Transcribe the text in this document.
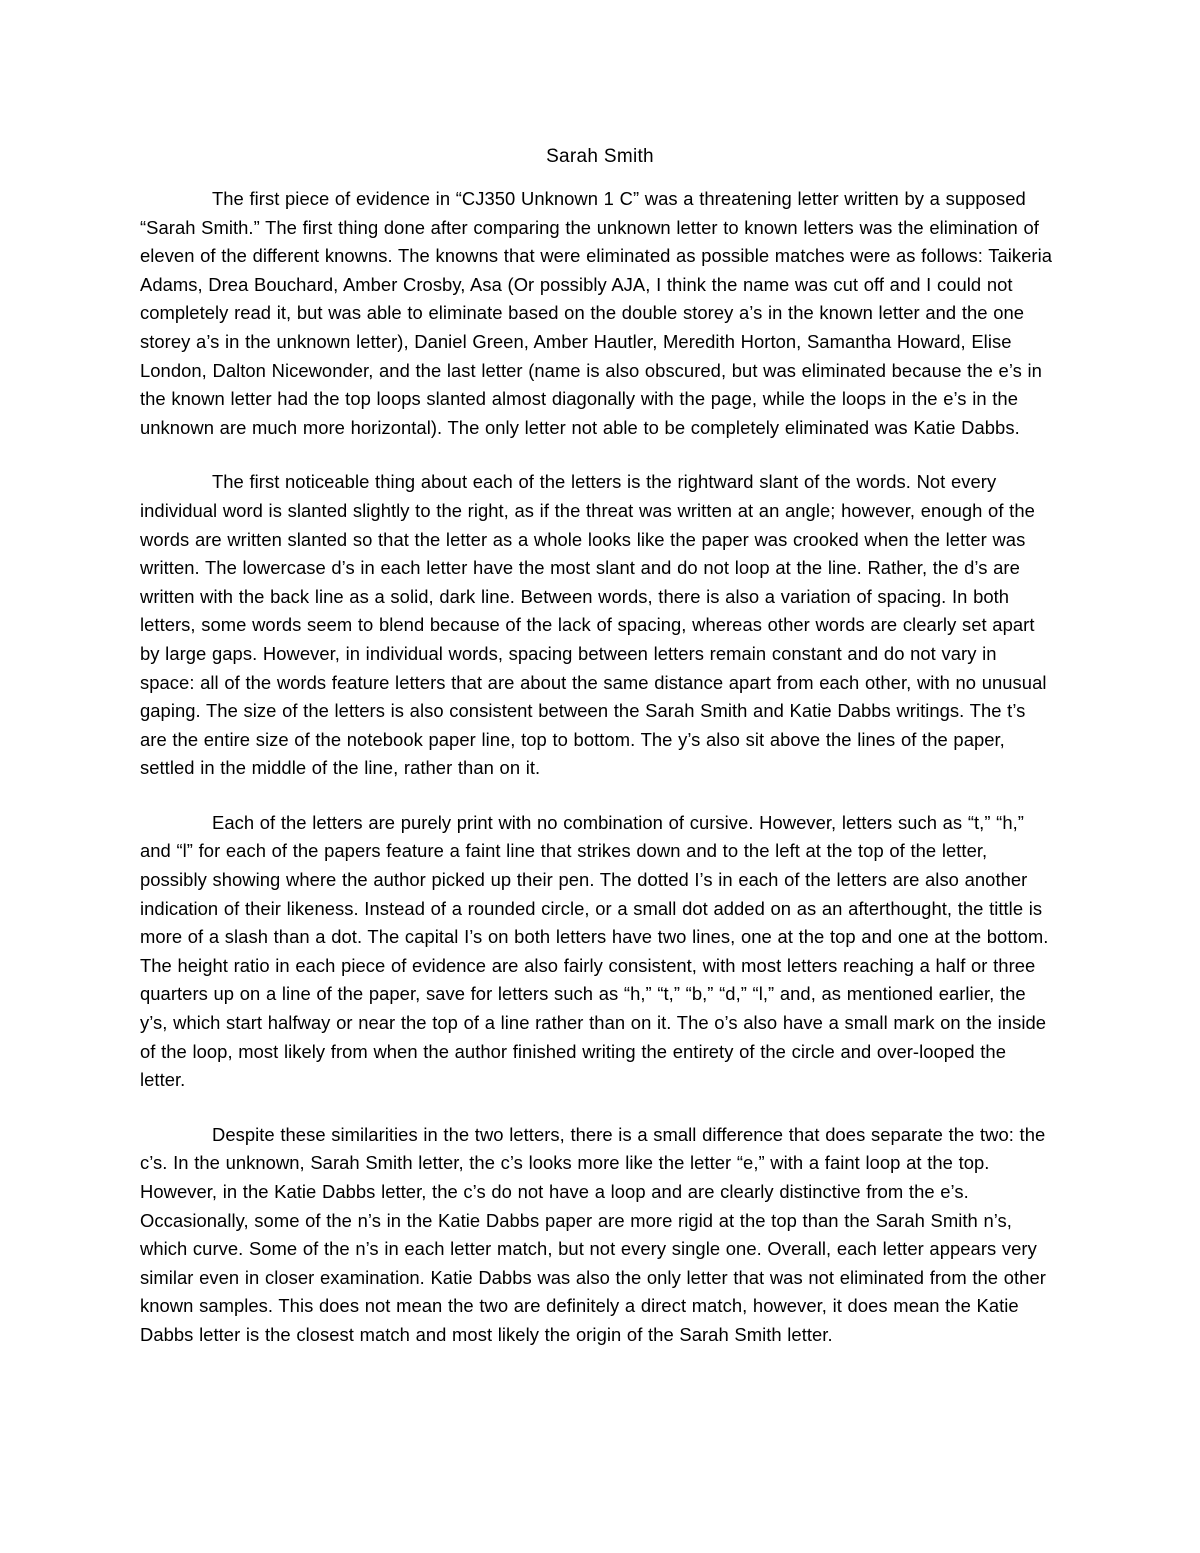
Sarah Smith

The first piece of evidence in “CJ350 Unknown 1 C” was a threatening letter written by a supposed “Sarah Smith.” The first thing done after comparing the unknown letter to known letters was the elimination of eleven of the different knowns. The knowns that were eliminated as possible matches were as follows: Taikeria Adams, Drea Bouchard, Amber Crosby, Asa (Or possibly AJA, I think the name was cut off and I could not completely read it, but was able to eliminate based on the double storey a’s in the known letter and the one storey a’s in the unknown letter), Daniel Green, Amber Hautler, Meredith Horton, Samantha Howard, Elise London, Dalton Nicewonder, and the last letter (name is also obscured, but was eliminated because the e’s in the known letter had the top loops slanted almost diagonally with the page, while the loops in the e’s in the unknown are much more horizontal). The only letter not able to be completely eliminated was Katie Dabbs.

The first noticeable thing about each of the letters is the rightward slant of the words. Not every individual word is slanted slightly to the right, as if the threat was written at an angle; however, enough of the words are written slanted so that the letter as a whole looks like the paper was crooked when the letter was written. The lowercase d’s in each letter have the most slant and do not loop at the line. Rather, the d’s are written with the back line as a solid, dark line. Between words, there is also a variation of spacing. In both letters, some words seem to blend because of the lack of spacing, whereas other words are clearly set apart by large gaps. However, in individual words, spacing between letters remain constant and do not vary in space: all of the words feature letters that are about the same distance apart from each other, with no unusual gaping. The size of the letters is also consistent between the Sarah Smith and Katie Dabbs writings. The t’s are the entire size of the notebook paper line, top to bottom. The y’s also sit above the lines of the paper, settled in the middle of the line, rather than on it.

Each of the letters are purely print with no combination of cursive. However, letters such as “t,” “h,” and “l” for each of the papers feature a faint line that strikes down and to the left at the top of the letter, possibly showing where the author picked up their pen. The dotted I’s in each of the letters are also another indication of their likeness. Instead of a rounded circle, or a small dot added on as an afterthought, the tittle is more of a slash than a dot. The capital I’s on both letters have two lines, one at the top and one at the bottom. The height ratio in each piece of evidence are also fairly consistent, with most letters reaching a half or three quarters up on a line of the paper, save for letters such as “h,” “t,” “b,” “d,” “l,” and, as mentioned earlier, the y’s, which start halfway or near the top of a line rather than on it. The o’s also have a small mark on the inside of the loop, most likely from when the author finished writing the entirety of the circle and over-looped the letter.

Despite these similarities in the two letters, there is a small difference that does separate the two: the c’s. In the unknown, Sarah Smith letter, the c’s looks more like the letter “e,” with a faint loop at the top. However, in the Katie Dabbs letter, the c’s do not have a loop and are clearly distinctive from the e’s. Occasionally, some of the n’s in the Katie Dabbs paper are more rigid at the top than the Sarah Smith n’s, which curve. Some of the n’s in each letter match, but not every single one. Overall, each letter appears very similar even in closer examination. Katie Dabbs was also the only letter that was not eliminated from the other known samples. This does not mean the two are definitely a direct match, however, it does mean the Katie Dabbs letter is the closest match and most likely the origin of the Sarah Smith letter.
